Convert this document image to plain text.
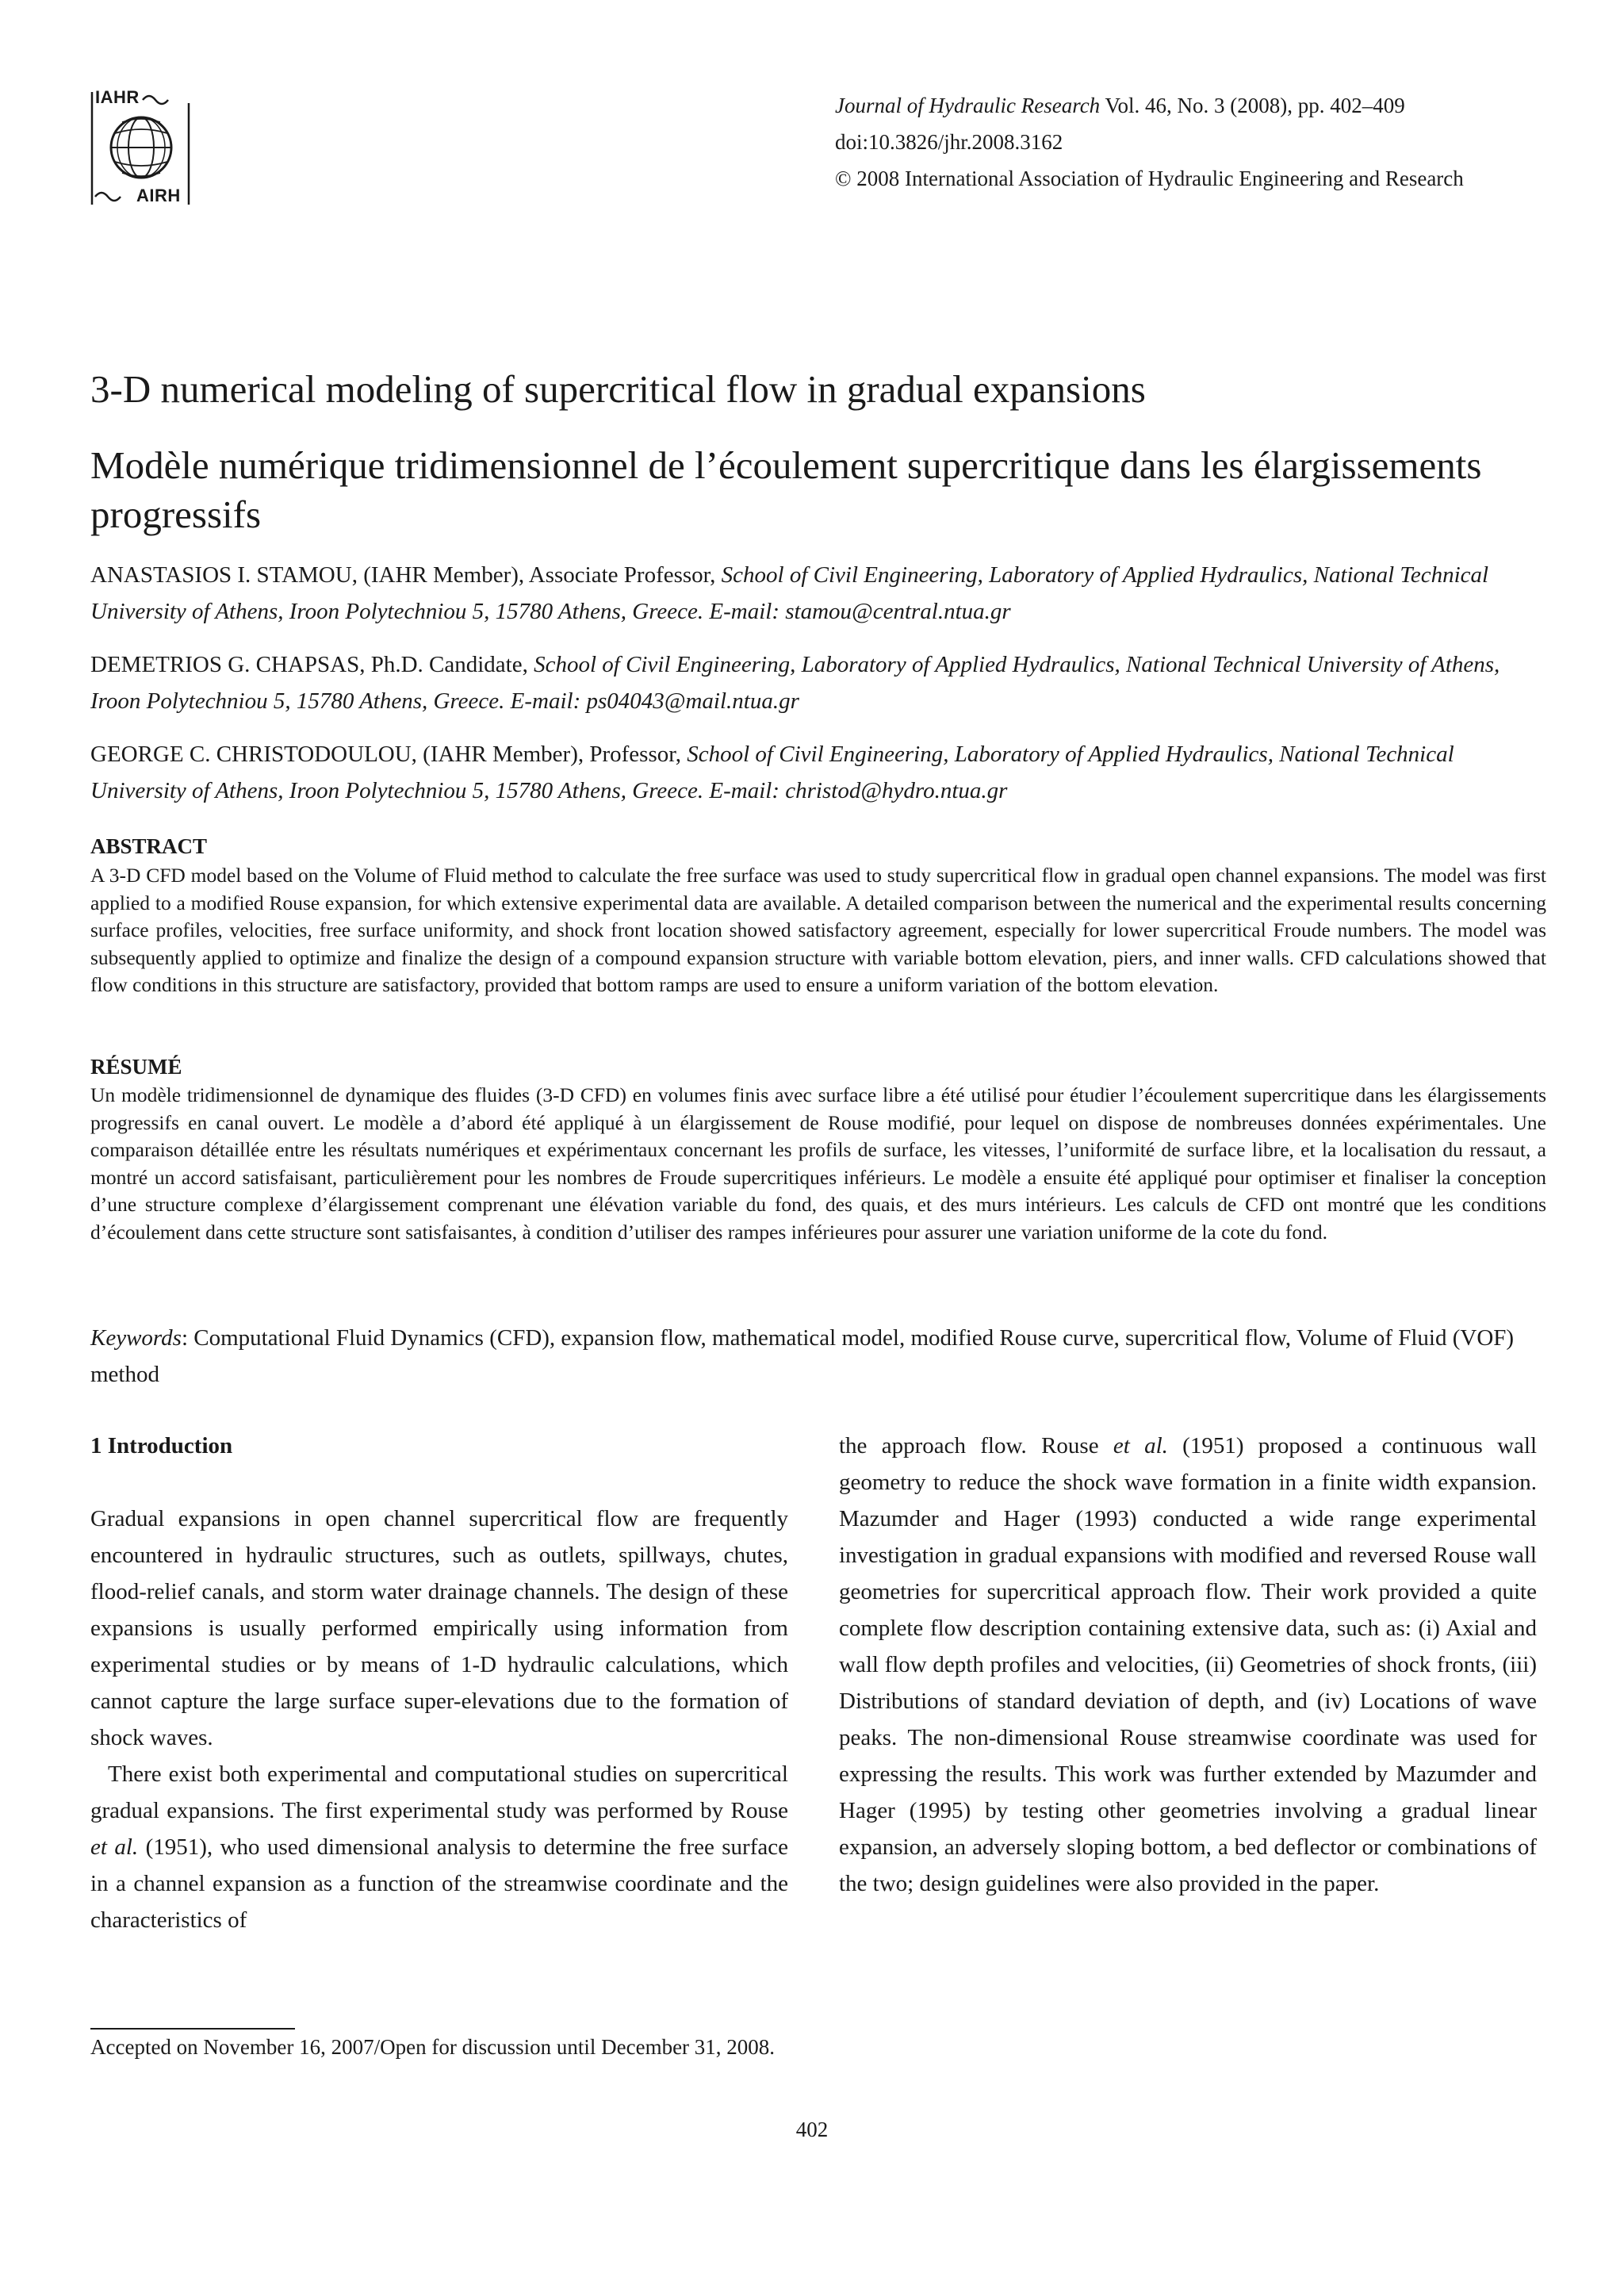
IAHR
AIRH
Journal of Hydraulic Research Vol. 46, No. 3 (2008), pp. 402–409
doi:10.3826/jhr.2008.3162
© 2008 International Association of Hydraulic Engineering and Research
3-D numerical modeling of supercritical flow in gradual expansions
Modèle numérique tridimensionnel de l’écoulement supercritique dans les élargissements progressifs

ANASTASIOS I. STAMOU, (IAHR Member), Associate Professor, School of Civil Engineering, Laboratory of Applied Hydraulics, National Technical University of Athens, Iroon Polytechniou 5, 15780 Athens, Greece. E-mail: stamou@central.ntua.gr

DEMETRIOS G. CHAPSAS, Ph.D. Candidate, School of Civil Engineering, Laboratory of Applied Hydraulics, National Technical University of Athens, Iroon Polytechniou 5, 15780 Athens, Greece. E-mail: ps04043@mail.ntua.gr

GEORGE C. CHRISTODOULOU, (IAHR Member), Professor, School of Civil Engineering, Laboratory of Applied Hydraulics, National Technical University of Athens, Iroon Polytechniou 5, 15780 Athens, Greece. E-mail: christod@hydro.ntua.gr

ABSTRACT

A 3-D CFD model based on the Volume of Fluid method to calculate the free surface was used to study supercritical flow in gradual open channel expansions. The model was first applied to a modified Rouse expansion, for which extensive experimental data are available. A detailed comparison between the numerical and the experimental results concerning surface profiles, velocities, free surface uniformity, and shock front location showed satisfactory agreement, especially for lower supercritical Froude numbers. The model was subsequently applied to optimize and finalize the design of a compound expansion structure with variable bottom elevation, piers, and inner walls. CFD calculations showed that flow conditions in this structure are satisfactory, provided that bottom ramps are used to ensure a uniform variation of the bottom elevation.

RÉSUMÉ

Un modèle tridimensionnel de dynamique des fluides (3-D CFD) en volumes finis avec surface libre a été utilisé pour étudier l’écoulement supercritique dans les élargissements progressifs en canal ouvert. Le modèle a d’abord été appliqué à un élargissement de Rouse modifié, pour lequel on dispose de nombreuses données expérimentales. Une comparaison détaillée entre les résultats numériques et expérimentaux concernant les profils de surface, les vitesses, l’uniformité de surface libre, et la localisation du ressaut, a montré un accord satisfaisant, particulièrement pour les nombres de Froude supercritiques inférieurs. Le modèle a ensuite été appliqué pour optimiser et finaliser la conception d’une structure complexe d’élargissement comprenant une élévation variable du fond, des quais, et des murs intérieurs. Les calculs de CFD ont montré que les conditions d’écoulement dans cette structure sont satisfaisantes, à condition d’utiliser des rampes inférieures pour assurer une variation uniforme de la cote du fond.

Keywords: Computational Fluid Dynamics (CFD), expansion flow, mathematical model, modified Rouse curve, supercritical flow, Volume of Fluid (VOF) method

1 Introduction

Gradual expansions in open channel supercritical flow are frequently encountered in hydraulic structures, such as outlets, spillways, chutes, flood-relief canals, and storm water drainage channels. The design of these expansions is usually performed empirically using information from experimental studies or by means of 1-D hydraulic calculations, which cannot capture the large surface super-elevations due to the formation of shock waves.

There exist both experimental and computational studies on supercritical gradual expansions. The first experimental study was performed by Rouse et al. (1951), who used dimensional analysis to determine the free surface in a channel expansion as a function of the streamwise coordinate and the characteristics of

the approach flow. Rouse et al. (1951) proposed a continuous wall geometry to reduce the shock wave formation in a finite width expansion. Mazumder and Hager (1993) conducted a wide range experimental investigation in gradual expansions with modified and reversed Rouse wall geometries for supercritical approach flow. Their work provided a quite complete flow description containing extensive data, such as: (i) Axial and wall flow depth profiles and velocities, (ii) Geometries of shock fronts, (iii) Distributions of standard deviation of depth, and (iv) Locations of wave peaks. The non-dimensional Rouse streamwise coordinate was used for expressing the results. This work was further extended by Mazumder and Hager (1995) by testing other geometries involving a gradual linear expansion, an adversely sloping bottom, a bed deflector or combinations of the two; design guidelines were also provided in the paper.

Accepted on November 16, 2007/Open for discussion until December 31, 2008.
402
